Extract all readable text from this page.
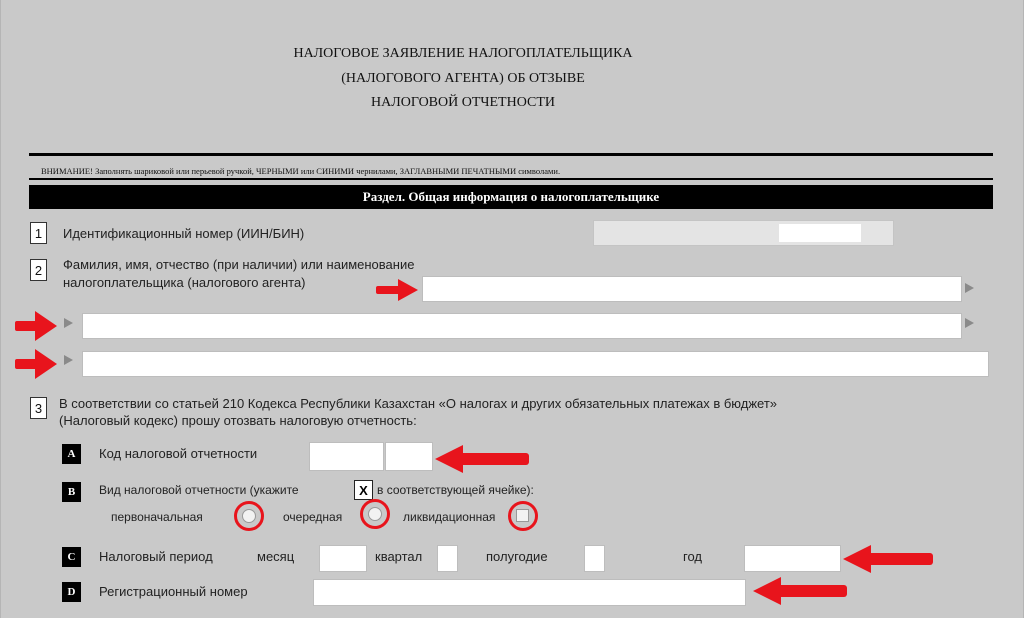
НАЛОГОВОЕ ЗАЯВЛЕНИЕ НАЛОГОПЛАТЕЛЬЩИКА
(НАЛОГОВОГО АГЕНТА) ОБ ОТЗЫВЕ
НАЛОГОВОЙ ОТЧЕТНОСТИ
ВНИМАНИЕ! Заполнять шариковой или перьевой ручкой, ЧЕРНЫМИ или СИНИМИ чернилами, ЗАГЛАВНЫМИ ПЕЧАТНЫМИ символами.
Раздел. Общая информация о налогоплательщике
1	Идентификационный номер (ИИН/БИН)
2	Фамилия, имя, отчество (при наличии) или наименование
налогоплательщика (налогового агента)
3	В соответствии со статьей 210 Кодекса Республики Казахстан «О налогах и других обязательных платежах в бюджет»
(Налоговый кодекс) прошу отозвать налоговую отчетность:
A	Код налоговой отчетности
B	Вид налоговой отчетности (укажите	X в соответствующей ячейке):
первоначальная	очередная	ликвидационная
C	Налоговый период	месяц	квартал	полугодие	год
D	Регистрационный номер
